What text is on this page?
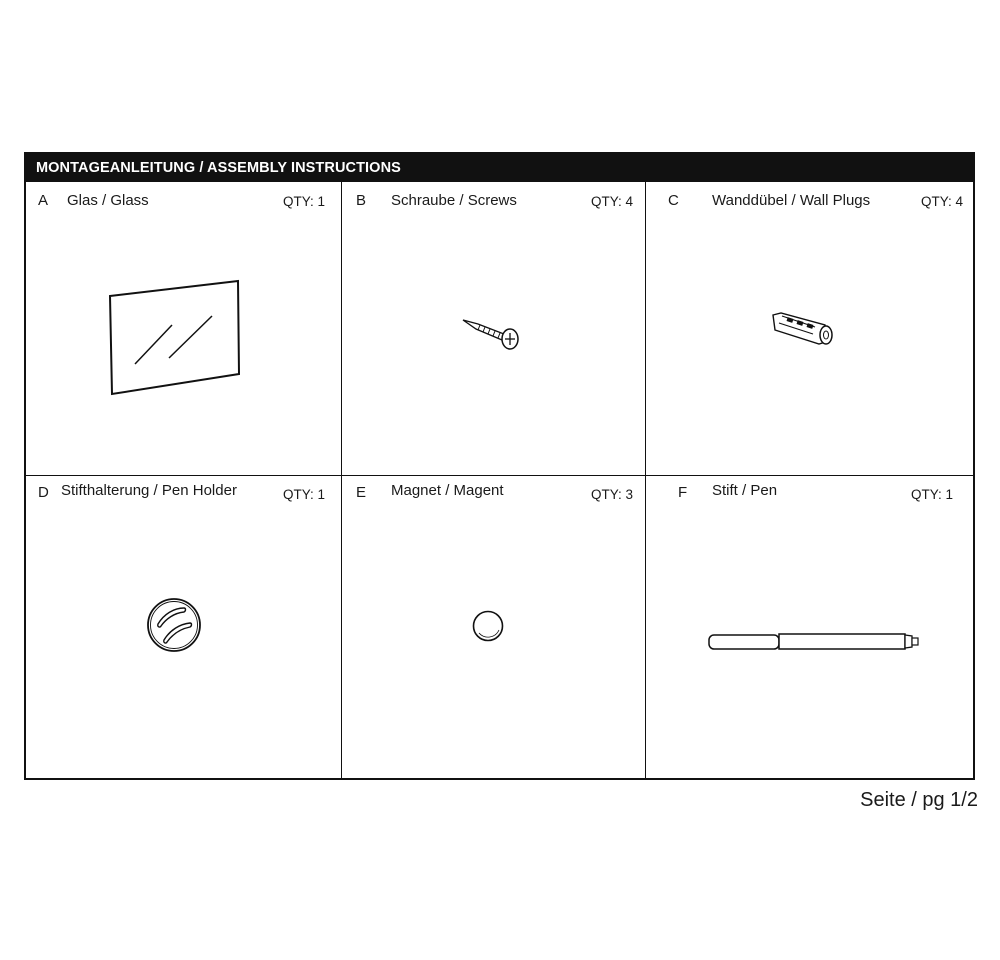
MONTAGEANLEITUNG / ASSEMBLY INSTRUCTIONS
A Glas / Glass	QTY: 1 B Schraube / Screws	QTY: 4 C Wanddübel / Wall Plugs	QTY: 4
D Stifthalterung / Pen Holder	QTY: 1 E Magnet / Magent	QTY: 3	F Stift / Pen	QTY: 1
Seite / pg 1/2
